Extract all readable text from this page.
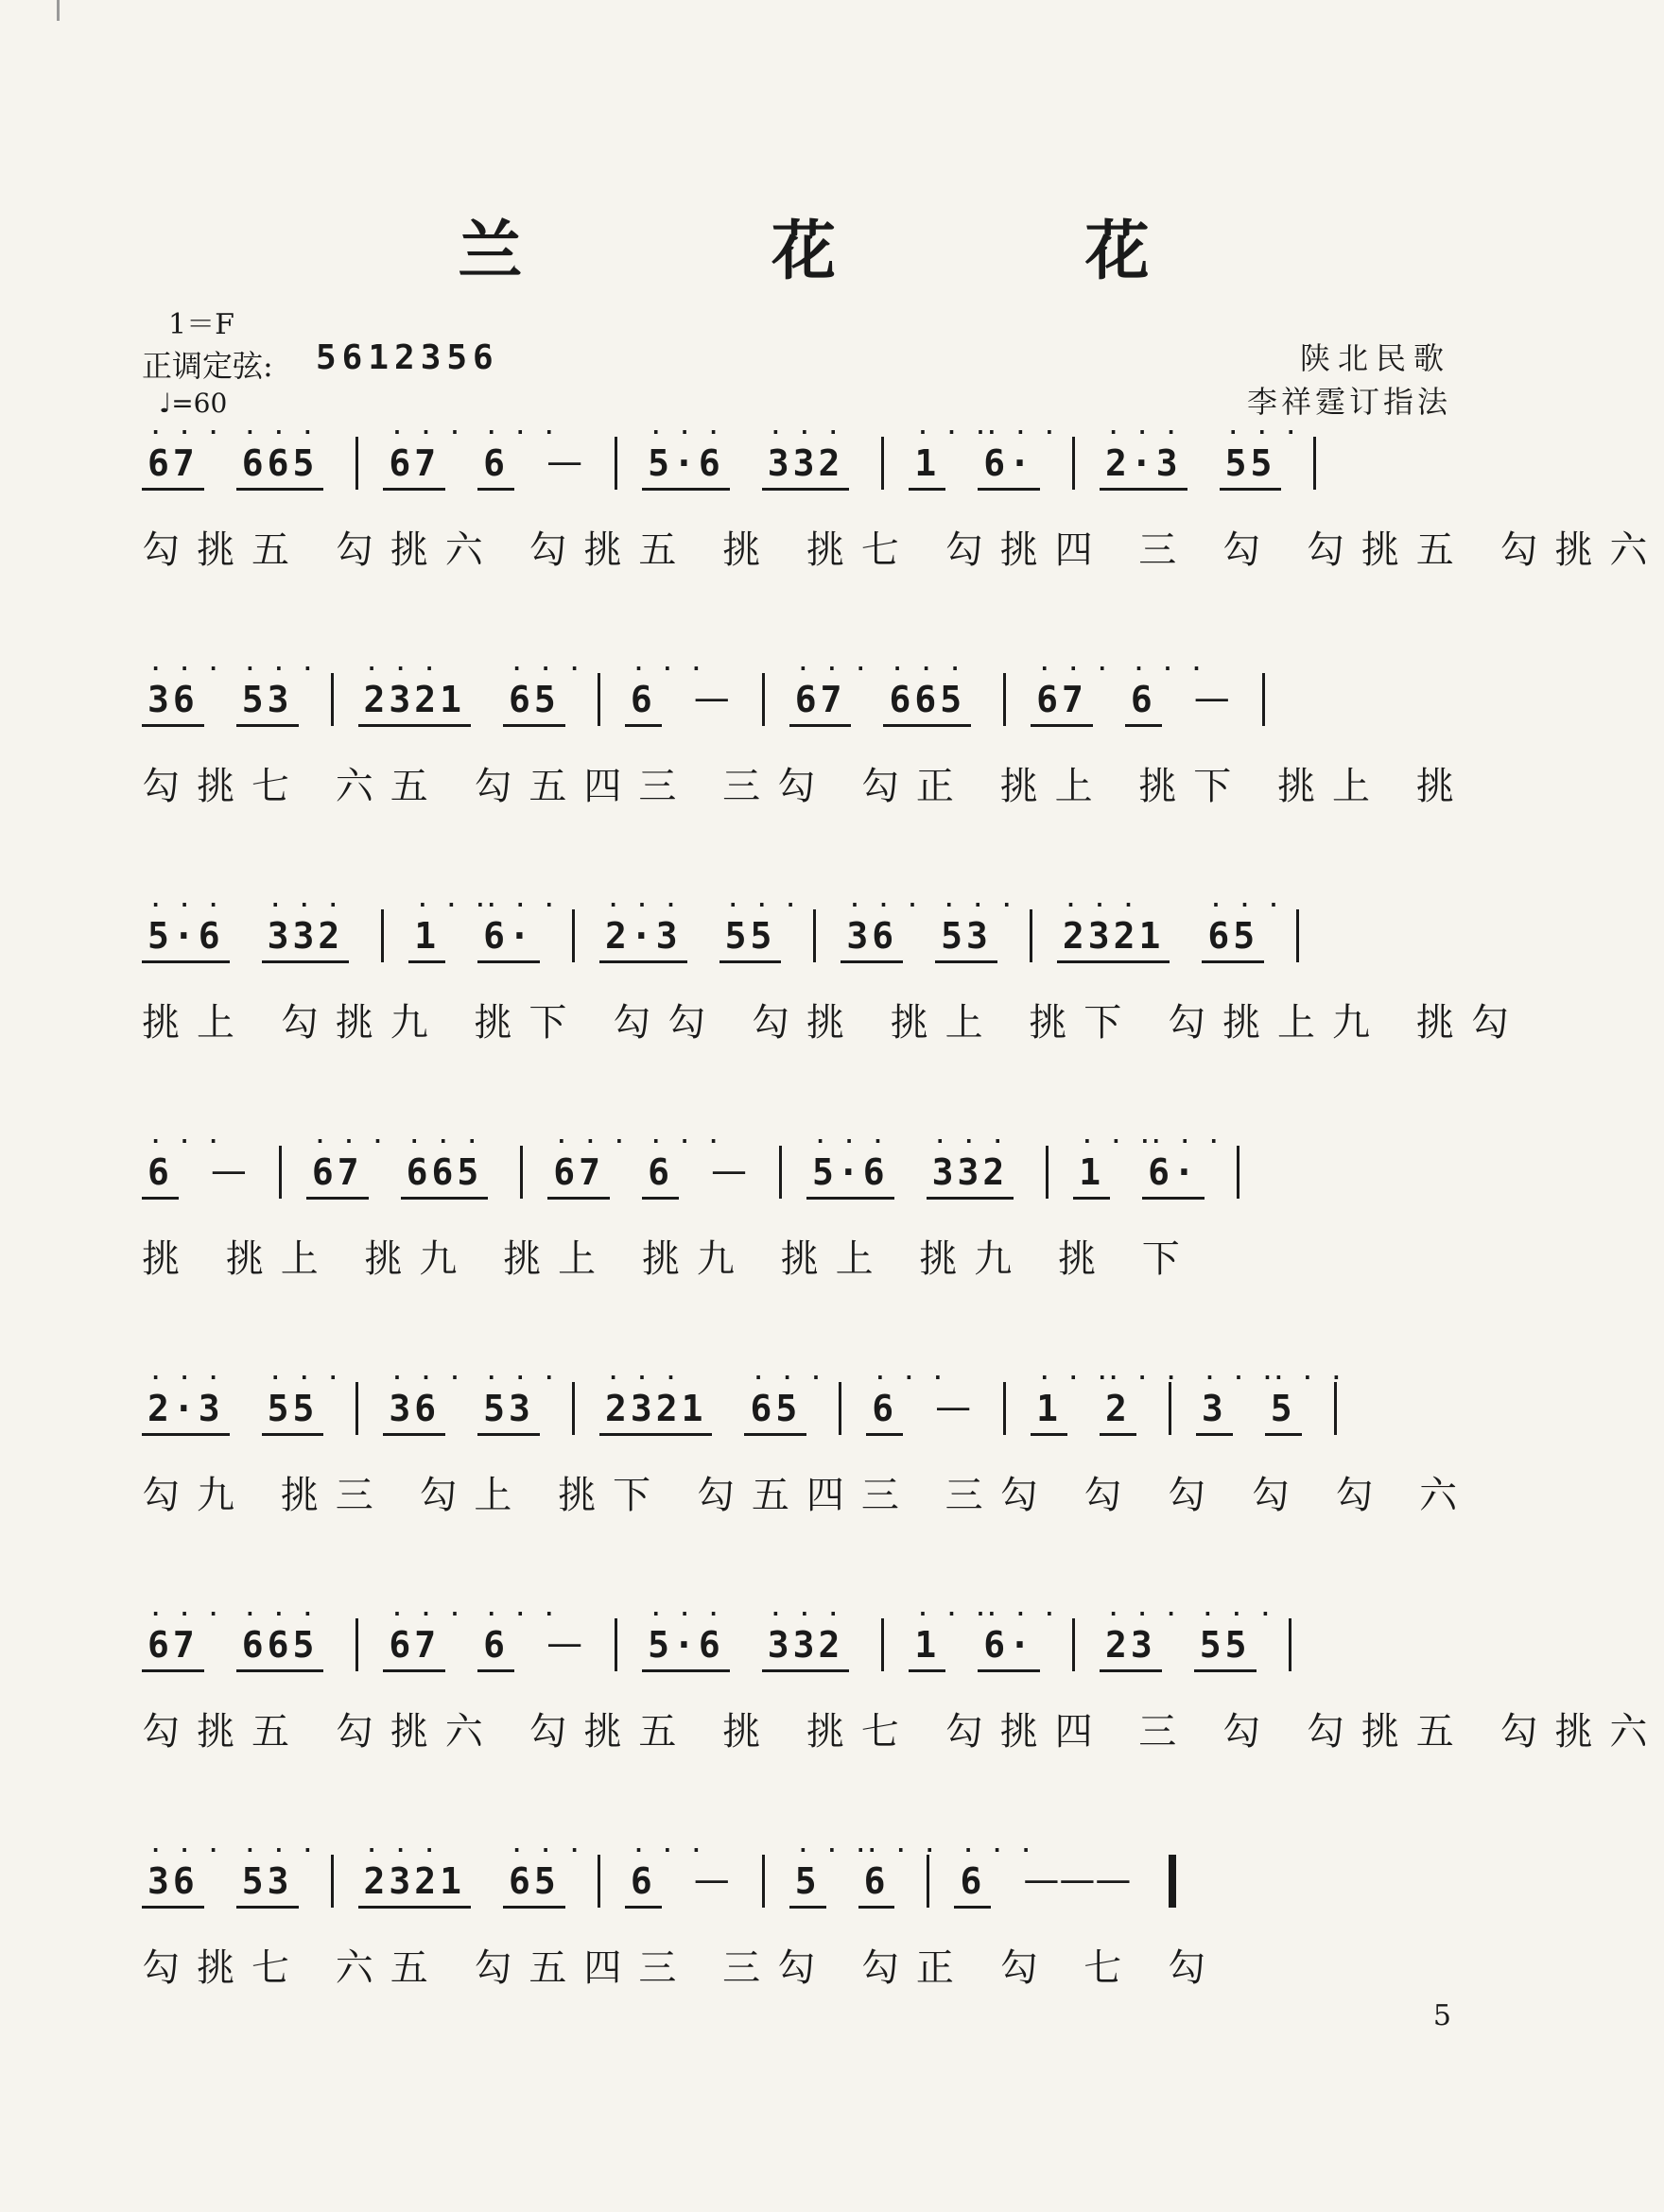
兰 花 花
1＝F
正调定弦: 5612356
♩=60
陕北民歌
李祥霆订指法
· · · 67 · · · 665 · · · 67 · · · 6 — · · · 5·6 · · · 332 · · · 1 · · · 6· · · · 2·3 · · · 55
勾挑五 勾挑六 勾挑五 挑 挑七 勾挑四 三 勾 勾挑五 勾挑六
· · · 36 · · · 53 · · · 2321 · · · 65 · · · 6 — · · · 67 · · · 665 · · · 67 · · · 6 —
勾挑七 六五 勾五四三 三勾 勾正 挑上 挑下 挑上 挑
· · · 5·6 · · · 332 · · · 1 · · · 6· · · · 2·3 · · · 55 · · · 36 · · · 53 · · · 2321 · · · 65
挑上 勾挑九 挑下 勾勾 勾挑 挑上 挑下 勾挑上九 挑勾
· · · 6 — · · · 67 · · · 665 · · · 67 · · · 6 — · · · 5·6 · · · 332 · · · 1 · · · 6·
挑 挑上 挑九 挑上 挑九 挑上 挑九 挑 下
· · · 2·3 · · · 55 · · · 36 · · · 53 · · · 2321 · · · 65 · · · 6 — · · · 1 · · · 2 · · · 3 · · · 5
勾九 挑三 勾上 挑下 勾五四三 三勾 勾 勾 勾 勾 六
· · · 67 · · · 665 · · · 67 · · · 6 — · · · 5·6 · · · 332 · · · 1 · · · 6· · · · 23 · · · 55
勾挑五 勾挑六 勾挑五 挑 挑七 勾挑四 三 勾 勾挑五 勾挑六
· · · 36 · · · 53 · · · 2321 · · · 65 · · · 6 — · · · 5 · · · 6 · · · 6 ———
勾挑七 六五 勾五四三 三勾 勾正 勾 七 勾
5
